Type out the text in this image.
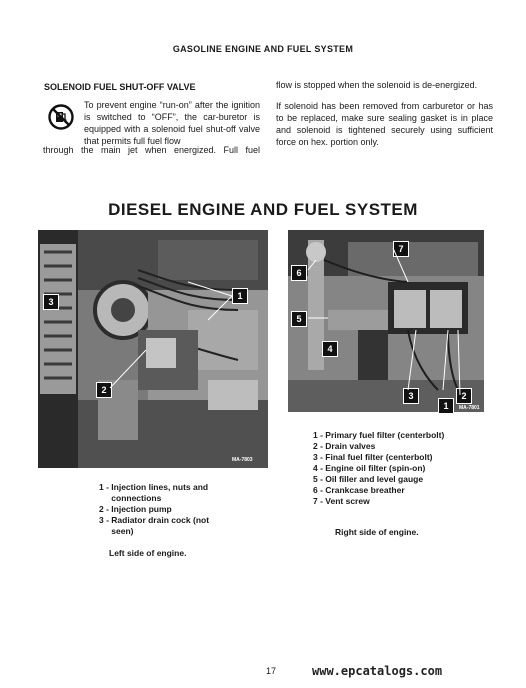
GASOLINE ENGINE AND FUEL SYSTEM
SOLENOID FUEL SHUT-OFF VALVE
To prevent engine “run-on” after the ignition is switched to “OFF”, the car-buretor is equipped with a solenoid fuel shut-off valve that permits full fuel flow
through the main jet when energized. Full fuel
flow is stopped when the solenoid is de-energized.
If solenoid has been removed from carburetor or has to be replaced, make sure sealing gasket is in place and solenoid is tightened securely using sufficient force on hex. portion only.
DIESEL ENGINE AND FUEL SYSTEM
1
2
3
MA-7803
1
2
3
4
5
6
7
MA-7801
1 - Primary fuel filter (centerbolt)
2 - Drain valves
3 - Final fuel filter (centerbolt)
4 - Engine oil filter (spin-on)
5 - Oil filler and level gauge
6 - Crankcase breather
7 - Vent screw
Right side of engine.
1 - Injection lines, nuts and connections
2 - Injection pump
3 - Radiator drain cock (not seen)
Left side of engine.
17	www.epcatalogs.com
